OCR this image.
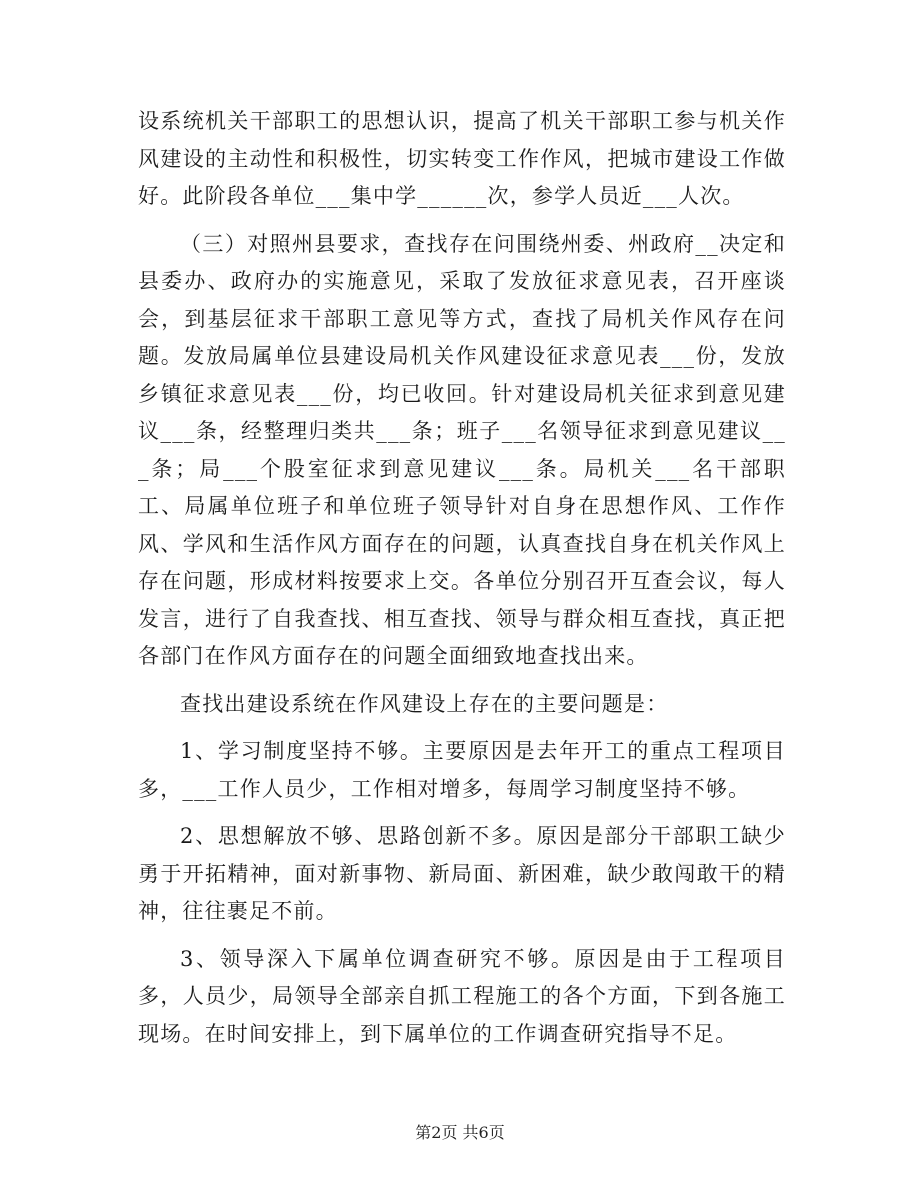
设系统机关干部职工的思想认识，提高了机关干部职工参与机关作风建设的主动性和积极性，切实转变工作作风，把城市建设工作做好。此阶段各单位___集中学______次，参学人员近___人次。

（三）对照州县要求，查找存在问围绕州委、州政府__决定和县委办、政府办的实施意见，采取了发放征求意见表，召开座谈会，到基层征求干部职工意见等方式，查找了局机关作风存在问题。发放局属单位县建设局机关作风建设征求意见表___份，发放乡镇征求意见表___份，均已收回。针对建设局机关征求到意见建议___条，经整理归类共___条；班子___名领导征求到意见建议___条；局___个股室征求到意见建议___条。局机关___名干部职工、局属单位班子和单位班子领导针对自身在思想作风、工作作风、学风和生活作风方面存在的问题，认真查找自身在机关作风上存在问题，形成材料按要求上交。各单位分别召开互查会议，每人发言，进行了自我查找、相互查找、领导与群众相互查找，真正把各部门在作风方面存在的问题全面细致地查找出来。

查找出建设系统在作风建设上存在的主要问题是：

1、学习制度坚持不够。主要原因是去年开工的重点工程项目多，___工作人员少，工作相对增多，每周学习制度坚持不够。

2、思想解放不够、思路创新不多。原因是部分干部职工缺少勇于开拓精神，面对新事物、新局面、新困难，缺少敢闯敢干的精神，往往裹足不前。

3、领导深入下属单位调查研究不够。原因是由于工程项目多，人员少，局领导全部亲自抓工程施工的各个方面，下到各施工现场。在时间安排上，到下属单位的工作调查研究指导不足。

第2页 共6页
